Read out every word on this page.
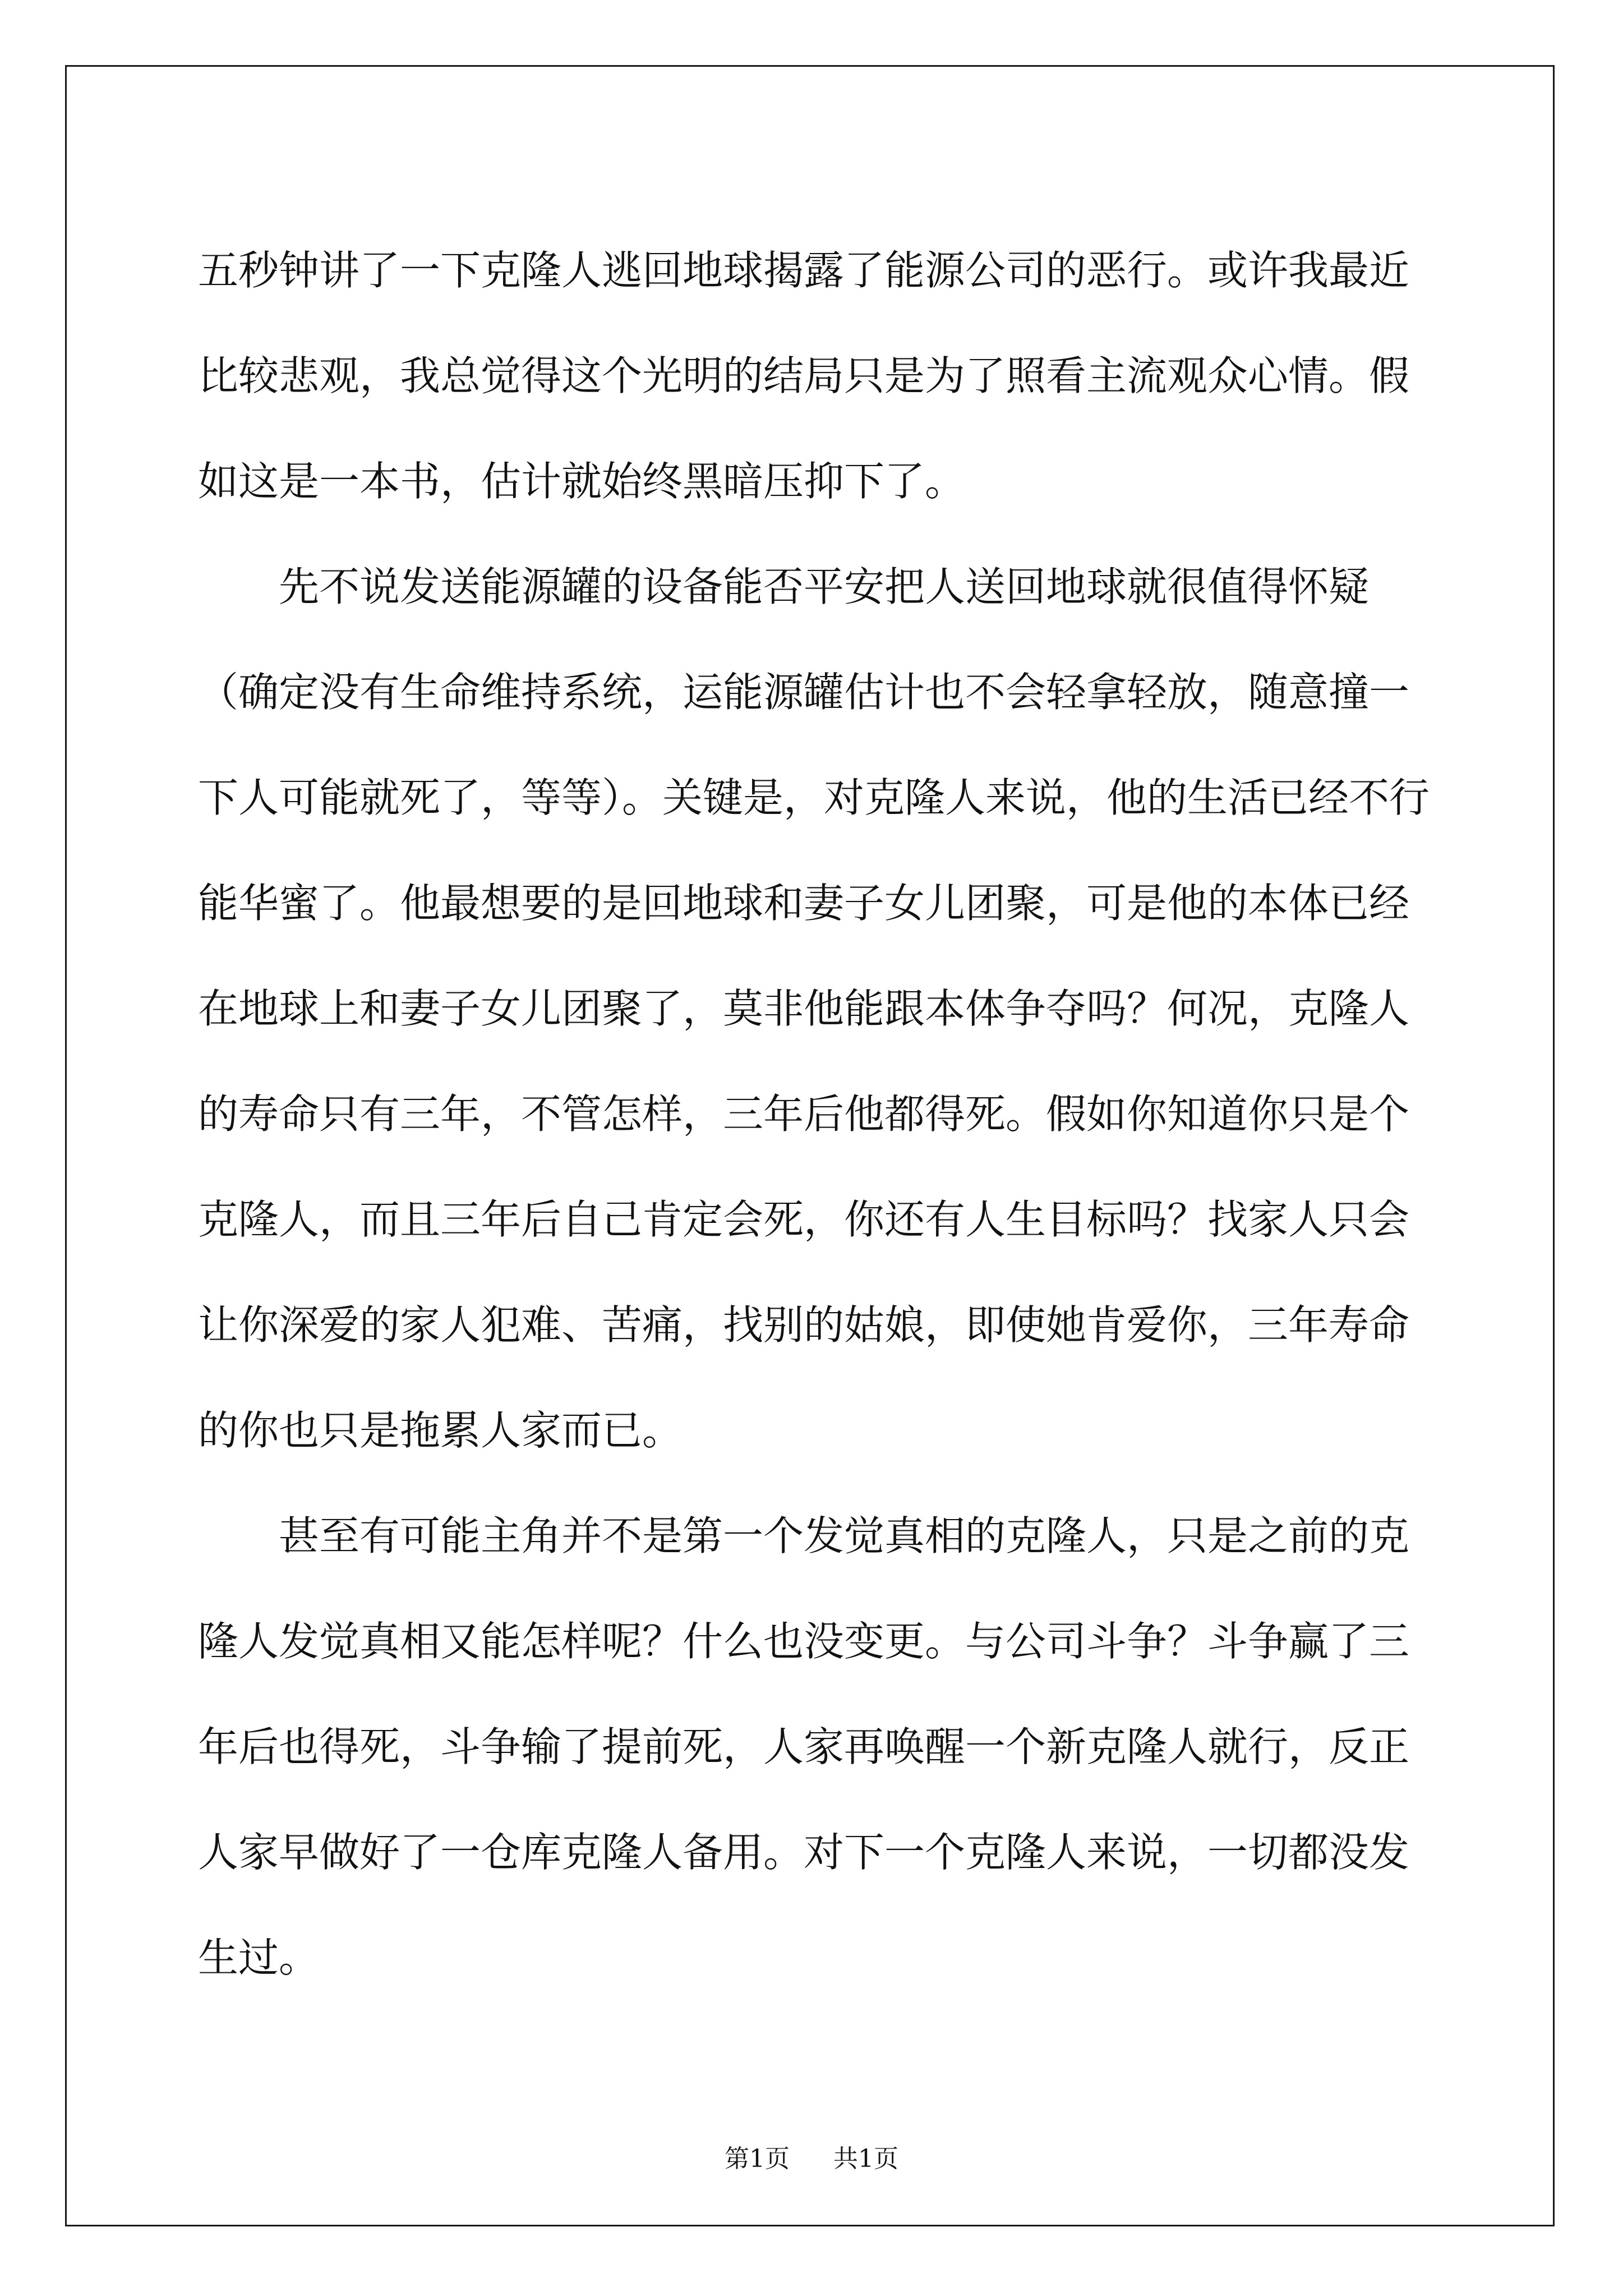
五秒钟讲了一下克隆人逃回地球揭露了能源公司的恶行。或许我最近
比较悲观，我总觉得这个光明的结局只是为了照看主流观众心情。假
如这是一本书，估计就始终黑暗压抑下了。

先不说发送能源罐的设备能否平安把人送回地球就很值得怀疑
（确定没有生命维持系统，运能源罐估计也不会轻拿轻放，随意撞一
下人可能就死了，等等）。关键是，对克隆人来说，他的生活已经不行
能华蜜了。他最想要的是回地球和妻子女儿团聚，可是他的本体已经
在地球上和妻子女儿团聚了，莫非他能跟本体争夺吗？何况，克隆人
的寿命只有三年，不管怎样，三年后他都得死。假如你知道你只是个
克隆人，而且三年后自己肯定会死，你还有人生目标吗？找家人只会
让你深爱的家人犯难、苦痛，找别的姑娘，即使她肯爱你，三年寿命
的你也只是拖累人家而已。

甚至有可能主角并不是第一个发觉真相的克隆人，只是之前的克
隆人发觉真相又能怎样呢？什么也没变更。与公司斗争？斗争赢了三
年后也得死，斗争输了提前死，人家再唤醒一个新克隆人就行，反正
人家早做好了一仓库克隆人备用。对下一个克隆人来说，一切都没发
生过。

第1页 共1页
